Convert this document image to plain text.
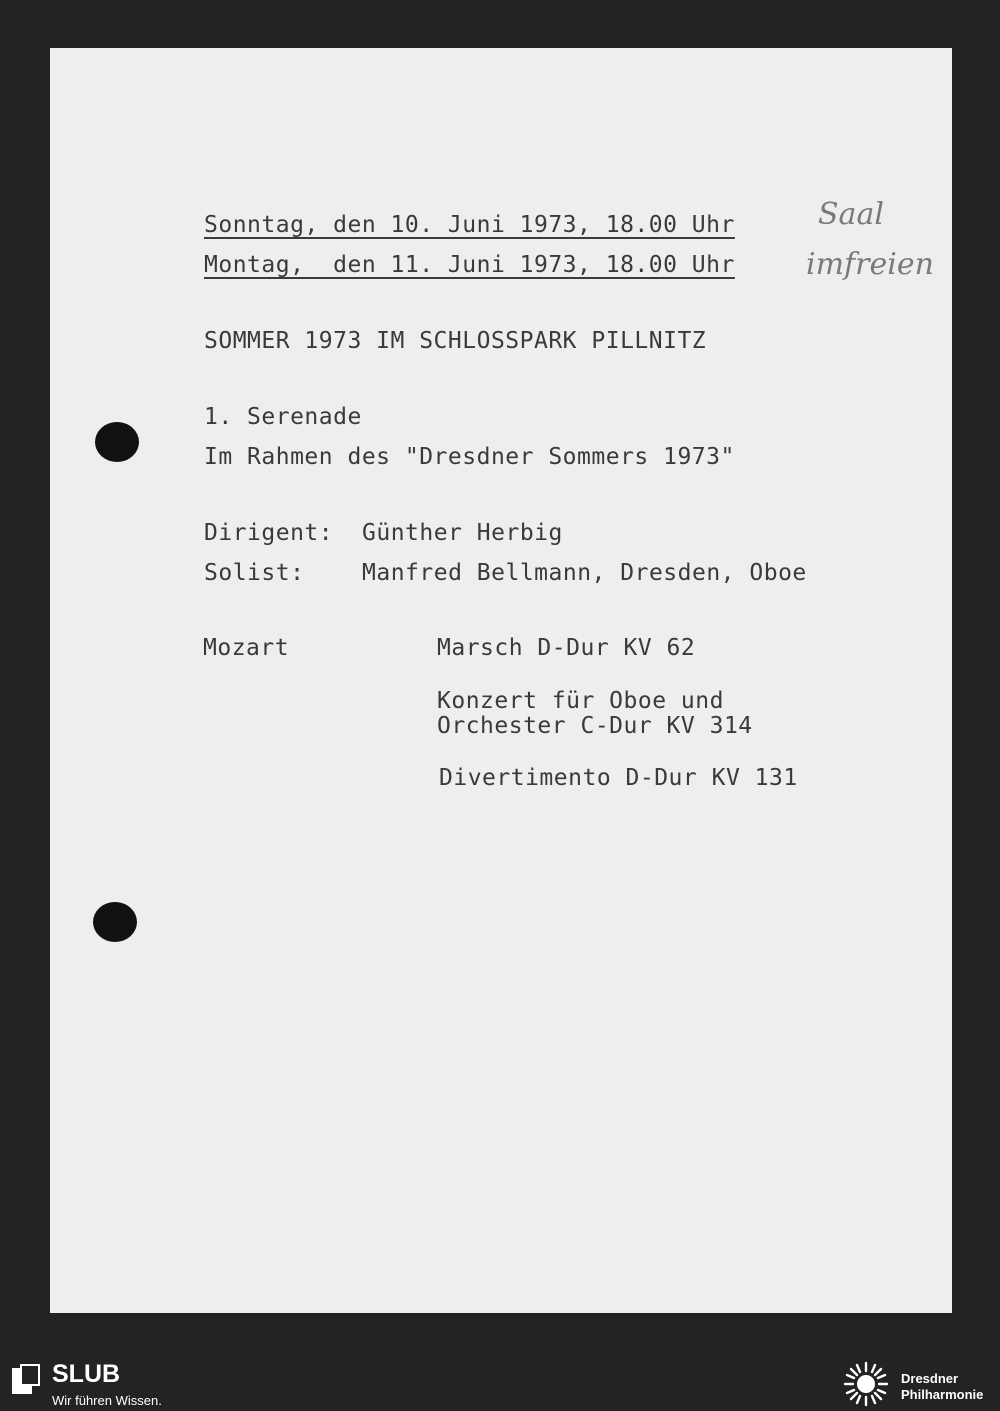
Sonntag, den 10. Juni 1973, 18.00 Uhr
Montag,  den 11. Juni 1973, 18.00 Uhr
Saal
imfreien
SOMMER 1973 IM SCHLOSSPARK PILLNITZ
1. Serenade
Im Rahmen des "Dresdner Sommers 1973"
Dirigent: Günther Herbig
Solist:	Manfred Bellmann, Dresden, Oboe
Mozart	Marsch D-Dur KV 62
Konzert für Oboe und
Orchester C-Dur KV 314
Divertimento D-Dur KV 131
SLUB
Wir führen Wissen.
Dresdner
Philharmonie
